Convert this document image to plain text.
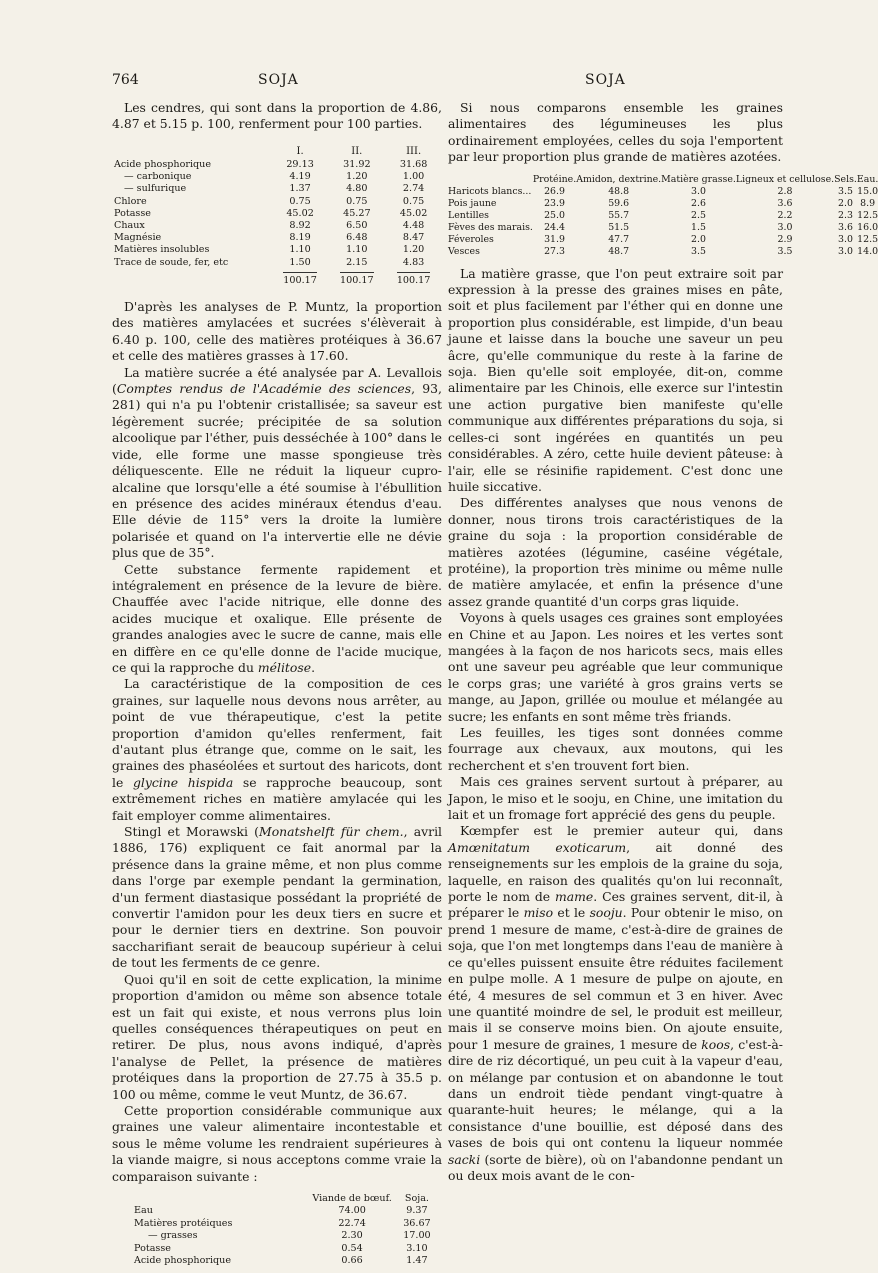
764	SOJA	SOJA

Les cendres, qui sont dans la proportion de 4.86, 4.87 et 5.15 p. 100, renferment pour 100 parties.

	I.	II.	III.
Acide phosphorique	29.13	31.92	31.68
— carbonique	4.19	1.20	1.00
— sulfurique	1.37	4.80	2.74
Chlore	0.75	0.75	0.75
Potasse	45.02	45.27	45.02
Chaux	8.92	6.50	4.48
Magnésie	8.19	6.48	8.47
Matières insolubles	1.10	1.10	1.20
Trace de soude, fer, etc	1.50	2.15	4.83
	100.17	100.17	100.17

D'après les analyses de P. Muntz, la proportion des matières amylacées et sucrées s'élèverait à 6.40 p. 100, celle des matières protéiques à 36.67 et celle des matières grasses à 17.60.

La matière sucrée a été analysée par A. Levallois (Comptes rendus de l'Académie des sciences, 93, 281) qui n'a pu l'obtenir cristallisée; sa saveur est légèrement sucrée; précipitée de sa solution alcoolique par l'éther, puis desséchée à 100° dans le vide, elle forme une masse spongieuse très déliquescente. Elle ne réduit la liqueur cupro-alcaline que lorsqu'elle a été soumise à l'ébullition en présence des acides minéraux étendus d'eau. Elle dévie de 115° vers la droite la lumière polarisée et quand on l'a intervertie elle ne dévie plus que de 35°.

Cette substance fermente rapidement et intégralement en présence de la levure de bière. Chauffée avec l'acide nitrique, elle donne des acides mucique et oxalique. Elle présente de grandes analogies avec le sucre de canne, mais elle en diffère en ce qu'elle donne de l'acide mucique, ce qui la rapproche du mélitose.

La caractéristique de la composition de ces graines, sur laquelle nous devons nous arrêter, au point de vue thérapeutique, c'est la petite proportion d'amidon qu'elles renferment, fait d'autant plus étrange que, comme on le sait, les graines des phaséolées et surtout des haricots, dont le glycine hispida se rapproche beaucoup, sont extrêmement riches en matière amylacée qui les fait employer comme alimentaires.

Stingl et Morawski (Monatshelft für chem., avril 1886, 176) expliquent ce fait anormal par la présence dans la graine même, et non plus comme dans l'orge par exemple pendant la germination, d'un ferment diastasique possédant la propriété de convertir l'amidon pour les deux tiers en sucre et pour le dernier tiers en dextrine. Son pouvoir saccharifiant serait de beaucoup supérieur à celui de tout les ferments de ce genre.

Quoi qu'il en soit de cette explication, la minime proportion d'amidon ou même son absence totale est un fait qui existe, et nous verrons plus loin quelles conséquences thérapeutiques on peut en retirer. De plus, nous avons indiqué, d'après l'analyse de Pellet, la présence de matières protéiques dans la proportion de 27.75 à 35.5 p. 100 ou même, comme le veut Muntz, de 36.67.

Cette proportion considérable communique aux graines une valeur alimentaire incontestable et sous le même volume les rendraient supérieures à la viande maigre, si nous acceptons comme vraie la comparaison suivante :

	Viande de bœuf.	Soja.
Eau	74.00	9.37
Matières protéiques	22.74	36.67
— grasses	2.30	17.00
Potasse	0.54	3.10
Acide phosphorique	0.66	1.47

Si nous comparons ensemble les graines alimentaires des légumineuses les plus ordinairement employées, celles du soja l'emportent par leur proportion plus grande de matières azotées.

	Protéine.	Amidon, dextrine.	Matière grasse.	Ligneux et cellulose.	Sels.	Eau.
Haricots blancs...	26.9	48.8	3.0	2.8	3.5	15.0
Pois jaune	23.9	59.6	2.6	3.6	2.0	8.9
Lentilles	25.0	55.7	2.5	2.2	2.3	12.5
Fèves des marais.	24.4	51.5	1.5	3.0	3.6	16.0
Féveroles	31.9	47.7	2.0	2.9	3.0	12.5
Vesces	27.3	48.7	3.5	3.5	3.0	14.0

La matière grasse, que l'on peut extraire soit par expression à la presse des graines mises en pâte, soit et plus facilement par l'éther qui en donne une proportion plus considérable, est limpide, d'un beau jaune et laisse dans la bouche une saveur un peu âcre, qu'elle communique du reste à la farine de soja. Bien qu'elle soit employée, dit-on, comme alimentaire par les Chinois, elle exerce sur l'intestin une action purgative bien manifeste qu'elle communique aux différentes préparations du soja, si celles-ci sont ingérées en quantités un peu considérables. A zéro, cette huile devient pâteuse: à l'air, elle se résinifie rapidement. C'est donc une huile siccative.

Des différentes analyses que nous venons de donner, nous tirons trois caractéristiques de la graine du soja : la proportion considérable de matières azotées (légumine, caséine végétale, protéine), la proportion très minime ou même nulle de matière amylacée, et enfin la présence d'une assez grande quantité d'un corps gras liquide.

Voyons à quels usages ces graines sont employées en Chine et au Japon. Les noires et les vertes sont mangées à la façon de nos haricots secs, mais elles ont une saveur peu agréable que leur communique le corps gras; une variété à gros grains verts se mange, au Japon, grillée ou moulue et mélangée au sucre; les enfants en sont même très friands.

Les feuilles, les tiges sont données comme fourrage aux chevaux, aux moutons, qui les recherchent et s'en trouvent fort bien.

Mais ces graines servent surtout à préparer, au Japon, le miso et le sooju, en Chine, une imitation du lait et un fromage fort apprécié des gens du peuple.

Kœmpfer est le premier auteur qui, dans Amœnitatum exoticarum, ait donné des renseignements sur les emplois de la graine du soja, laquelle, en raison des qualités qu'on lui reconnaît, porte le nom de mame. Ces graines servent, dit-il, à préparer le miso et le sooju. Pour obtenir le miso, on prend 1 mesure de mame, c'est-à-dire de graines de soja, que l'on met longtemps dans l'eau de manière à ce qu'elles puissent ensuite être réduites facilement en pulpe molle. A 1 mesure de pulpe on ajoute, en été, 4 mesures de sel commun et 3 en hiver. Avec une quantité moindre de sel, le produit est meilleur, mais il se conserve moins bien. On ajoute ensuite, pour 1 mesure de graines, 1 mesure de koos, c'est-à-dire de riz décortiqué, un peu cuit à la vapeur d'eau, on mélange par contusion et on abandonne le tout dans un endroit tiède pendant vingt-quatre à quarante-huit heures; le mélange, qui a la consistance d'une bouillie, est déposé dans des vases de bois qui ont contenu la liqueur nommée sacki (sorte de bière), où on l'abandonne pendant un ou deux mois avant de le con-
